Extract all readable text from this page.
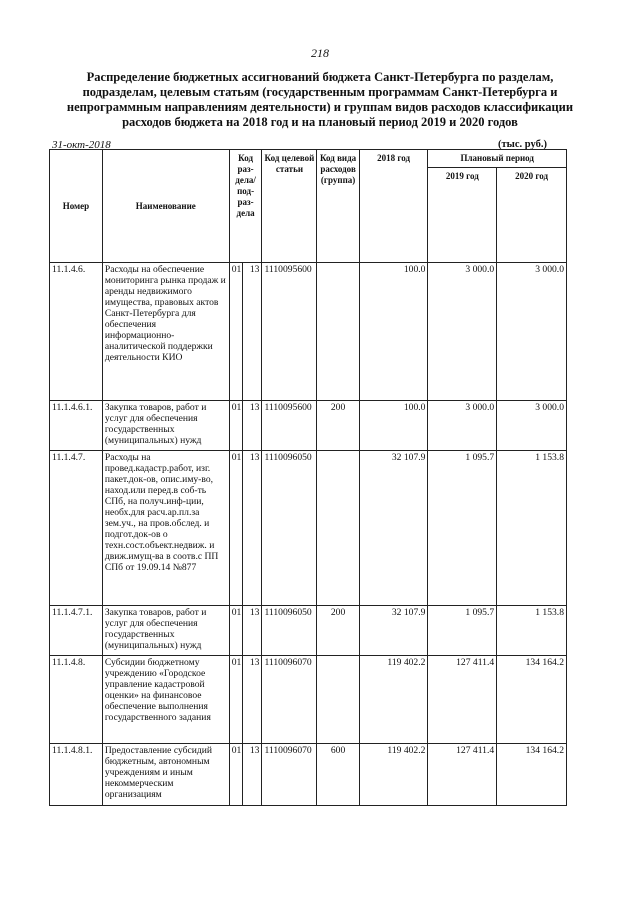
218
Распределение бюджетных ассигнований бюджета Санкт-Петербурга по разделам, подразделам, целевым статьям (государственным программам Санкт-Петербурга и непрограммным направлениям деятельности) и группам видов расходов классификации расходов бюджета на 2018 год и на плановый период 2019 и 2020 годов
31-окт-2018	(тыс. руб.)
Номер	Наименование	Код раз-дела/ под-раз-дела		Код целевой статьи	Код вида расходов (группа)	2018 год	Плановый период	
							2019 год	2020 год
11.1.4.6.	Расходы на обеспечение мониторинга рынка продаж и аренды недвижимого имущества, правовых актов Санкт-Петербурга для обеспечения информационно-аналитической поддержки деятельности КИО	01	13	1110095600		100.0	3 000.0	3 000.0
11.1.4.6.1.	Закупка товаров, работ и услуг для обеспечения государственных (муниципальных) нужд	01	13	1110095600	200	100.0	3 000.0	3 000.0
11.1.4.7.	Расходы на провед.кадастр.работ, изг. пакет.док-ов, опис.иму-во, наход.или перед.в соб-ть СПб, на получ.инф-ции, необх.для расч.ар.пл.за зем.уч., на пров.обслед. и подгот.док-ов о техн.сост.объект.недвиж. и движ.имущ-ва в соотв.с ПП СПб от 19.09.14 №877	01	13	1110096050		32 107.9	1 095.7	1 153.8
11.1.4.7.1.	Закупка товаров, работ и услуг для обеспечения государственных (муниципальных) нужд	01	13	1110096050	200	32 107.9	1 095.7	1 153.8
11.1.4.8.	Субсидии бюджетному учреждению «Городское управление кадастровой оценки» на финансовое обеспечение выполнения государственного задания	01	13	1110096070		119 402.2	127 411.4	134 164.2
11.1.4.8.1.	Предоставление субсидий бюджетным, автономным учреждениям и иным некоммерческим организациям	01	13	1110096070	600	119 402.2	127 411.4	134 164.2
